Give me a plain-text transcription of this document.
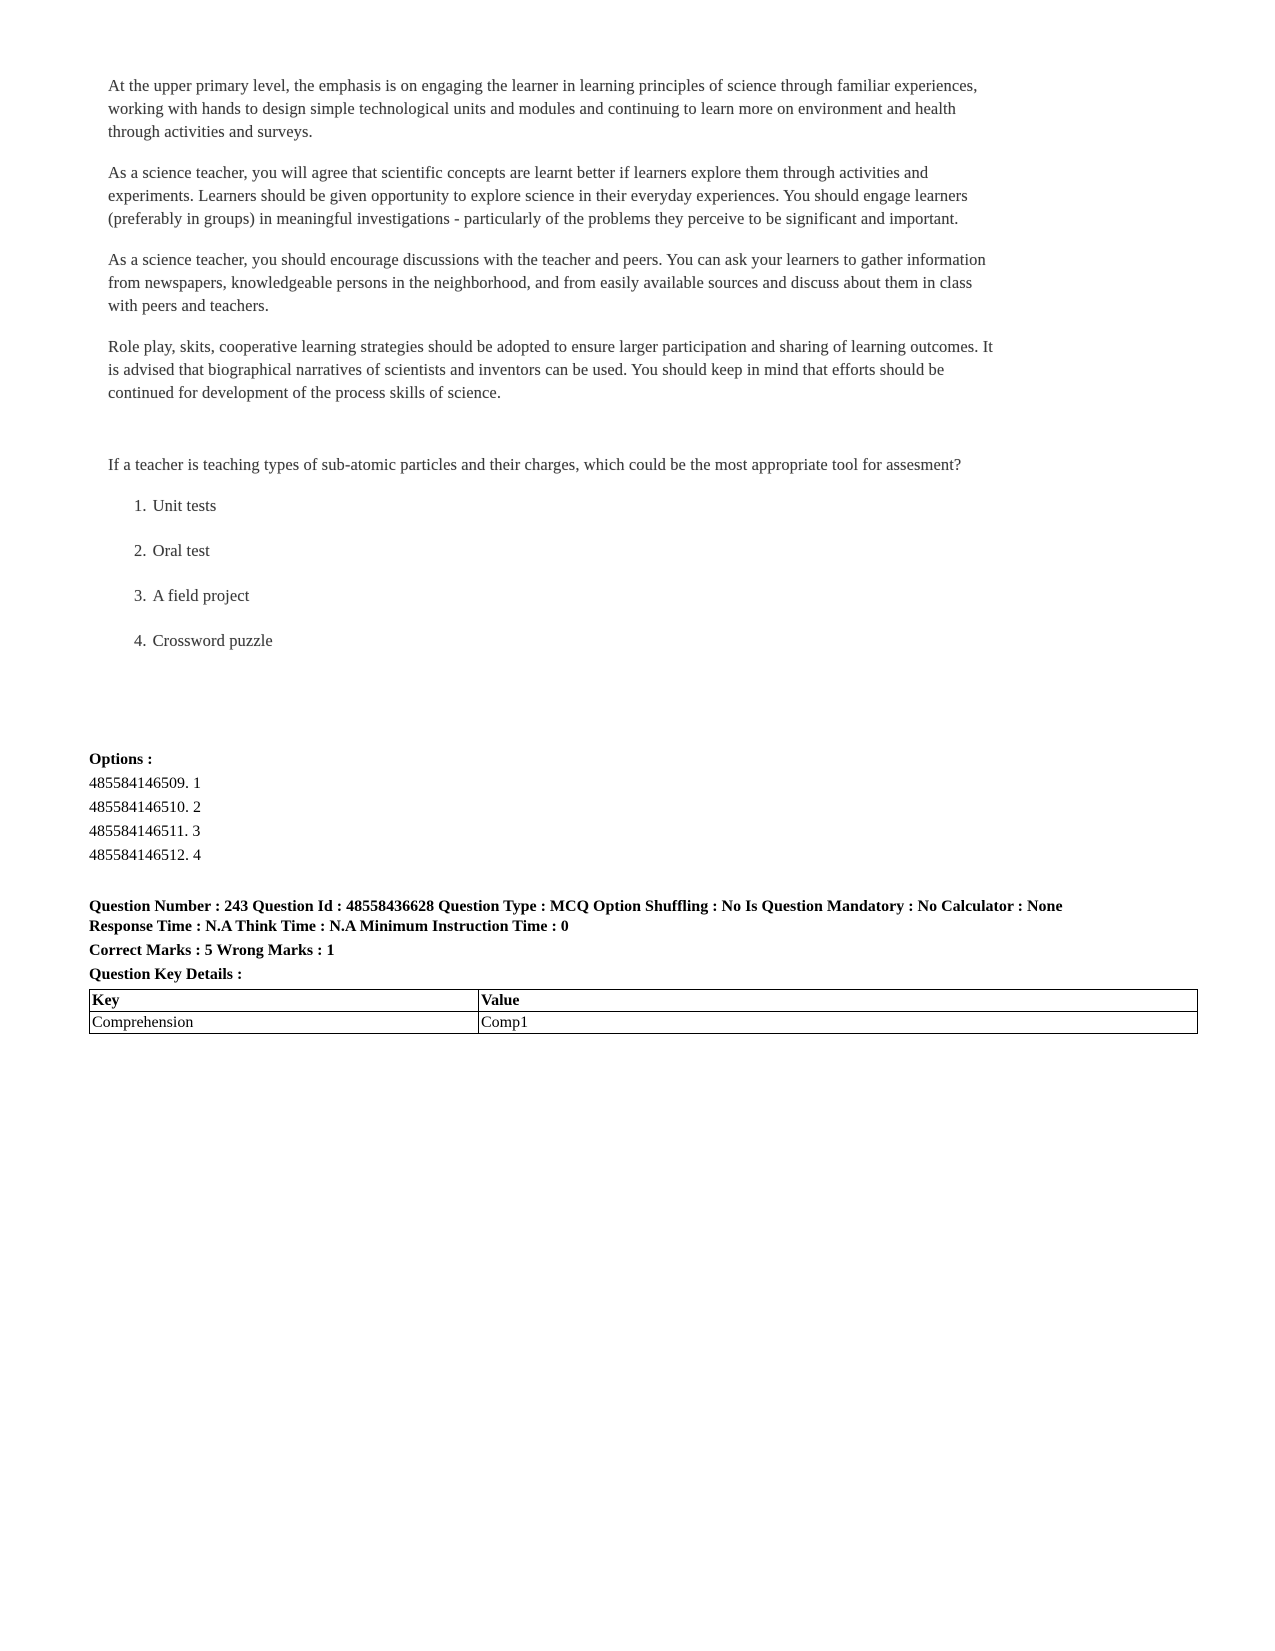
At the upper primary level, the emphasis is on engaging the learner in learning principles of science through familiar experiences, working with hands to design simple technological units and modules and continuing to learn more on environment and health through activities and surveys.

As a science teacher, you will agree that scientific concepts are learnt better if learners explore them through activities and experiments. Learners should be given opportunity to explore science in their everyday experiences. You should engage learners (preferably in groups) in meaningful investigations - particularly of the problems they perceive to be significant and important.

As a science teacher, you should encourage discussions with the teacher and peers. You can ask your learners to gather information from newspapers, knowledgeable persons in the neighborhood, and from easily available sources and discuss about them in class with peers and teachers.

Role play, skits, cooperative learning strategies should be adopted to ensure larger participation and sharing of learning outcomes. It is advised that biographical narratives of scientists and inventors can be used. You should keep in mind that efforts should be continued for development of the process skills of science.

If a teacher is teaching types of sub-atomic particles and their charges, which could be the most appropriate tool for assesment?

1. Unit tests
2. Oral test
3. A field project
4. Crossword puzzle
Options :
485584146509. 1
485584146510. 2
485584146511. 3
485584146512. 4

Question Number : 243 Question Id : 48558436628 Question Type : MCQ Option Shuffling : No Is Question Mandatory : No Calculator : None

Response Time : N.A Think Time : N.A Minimum Instruction Time : 0

Correct Marks : 5 Wrong Marks : 1

Question Key Details :

Key	Value
Comprehension	Comp1
